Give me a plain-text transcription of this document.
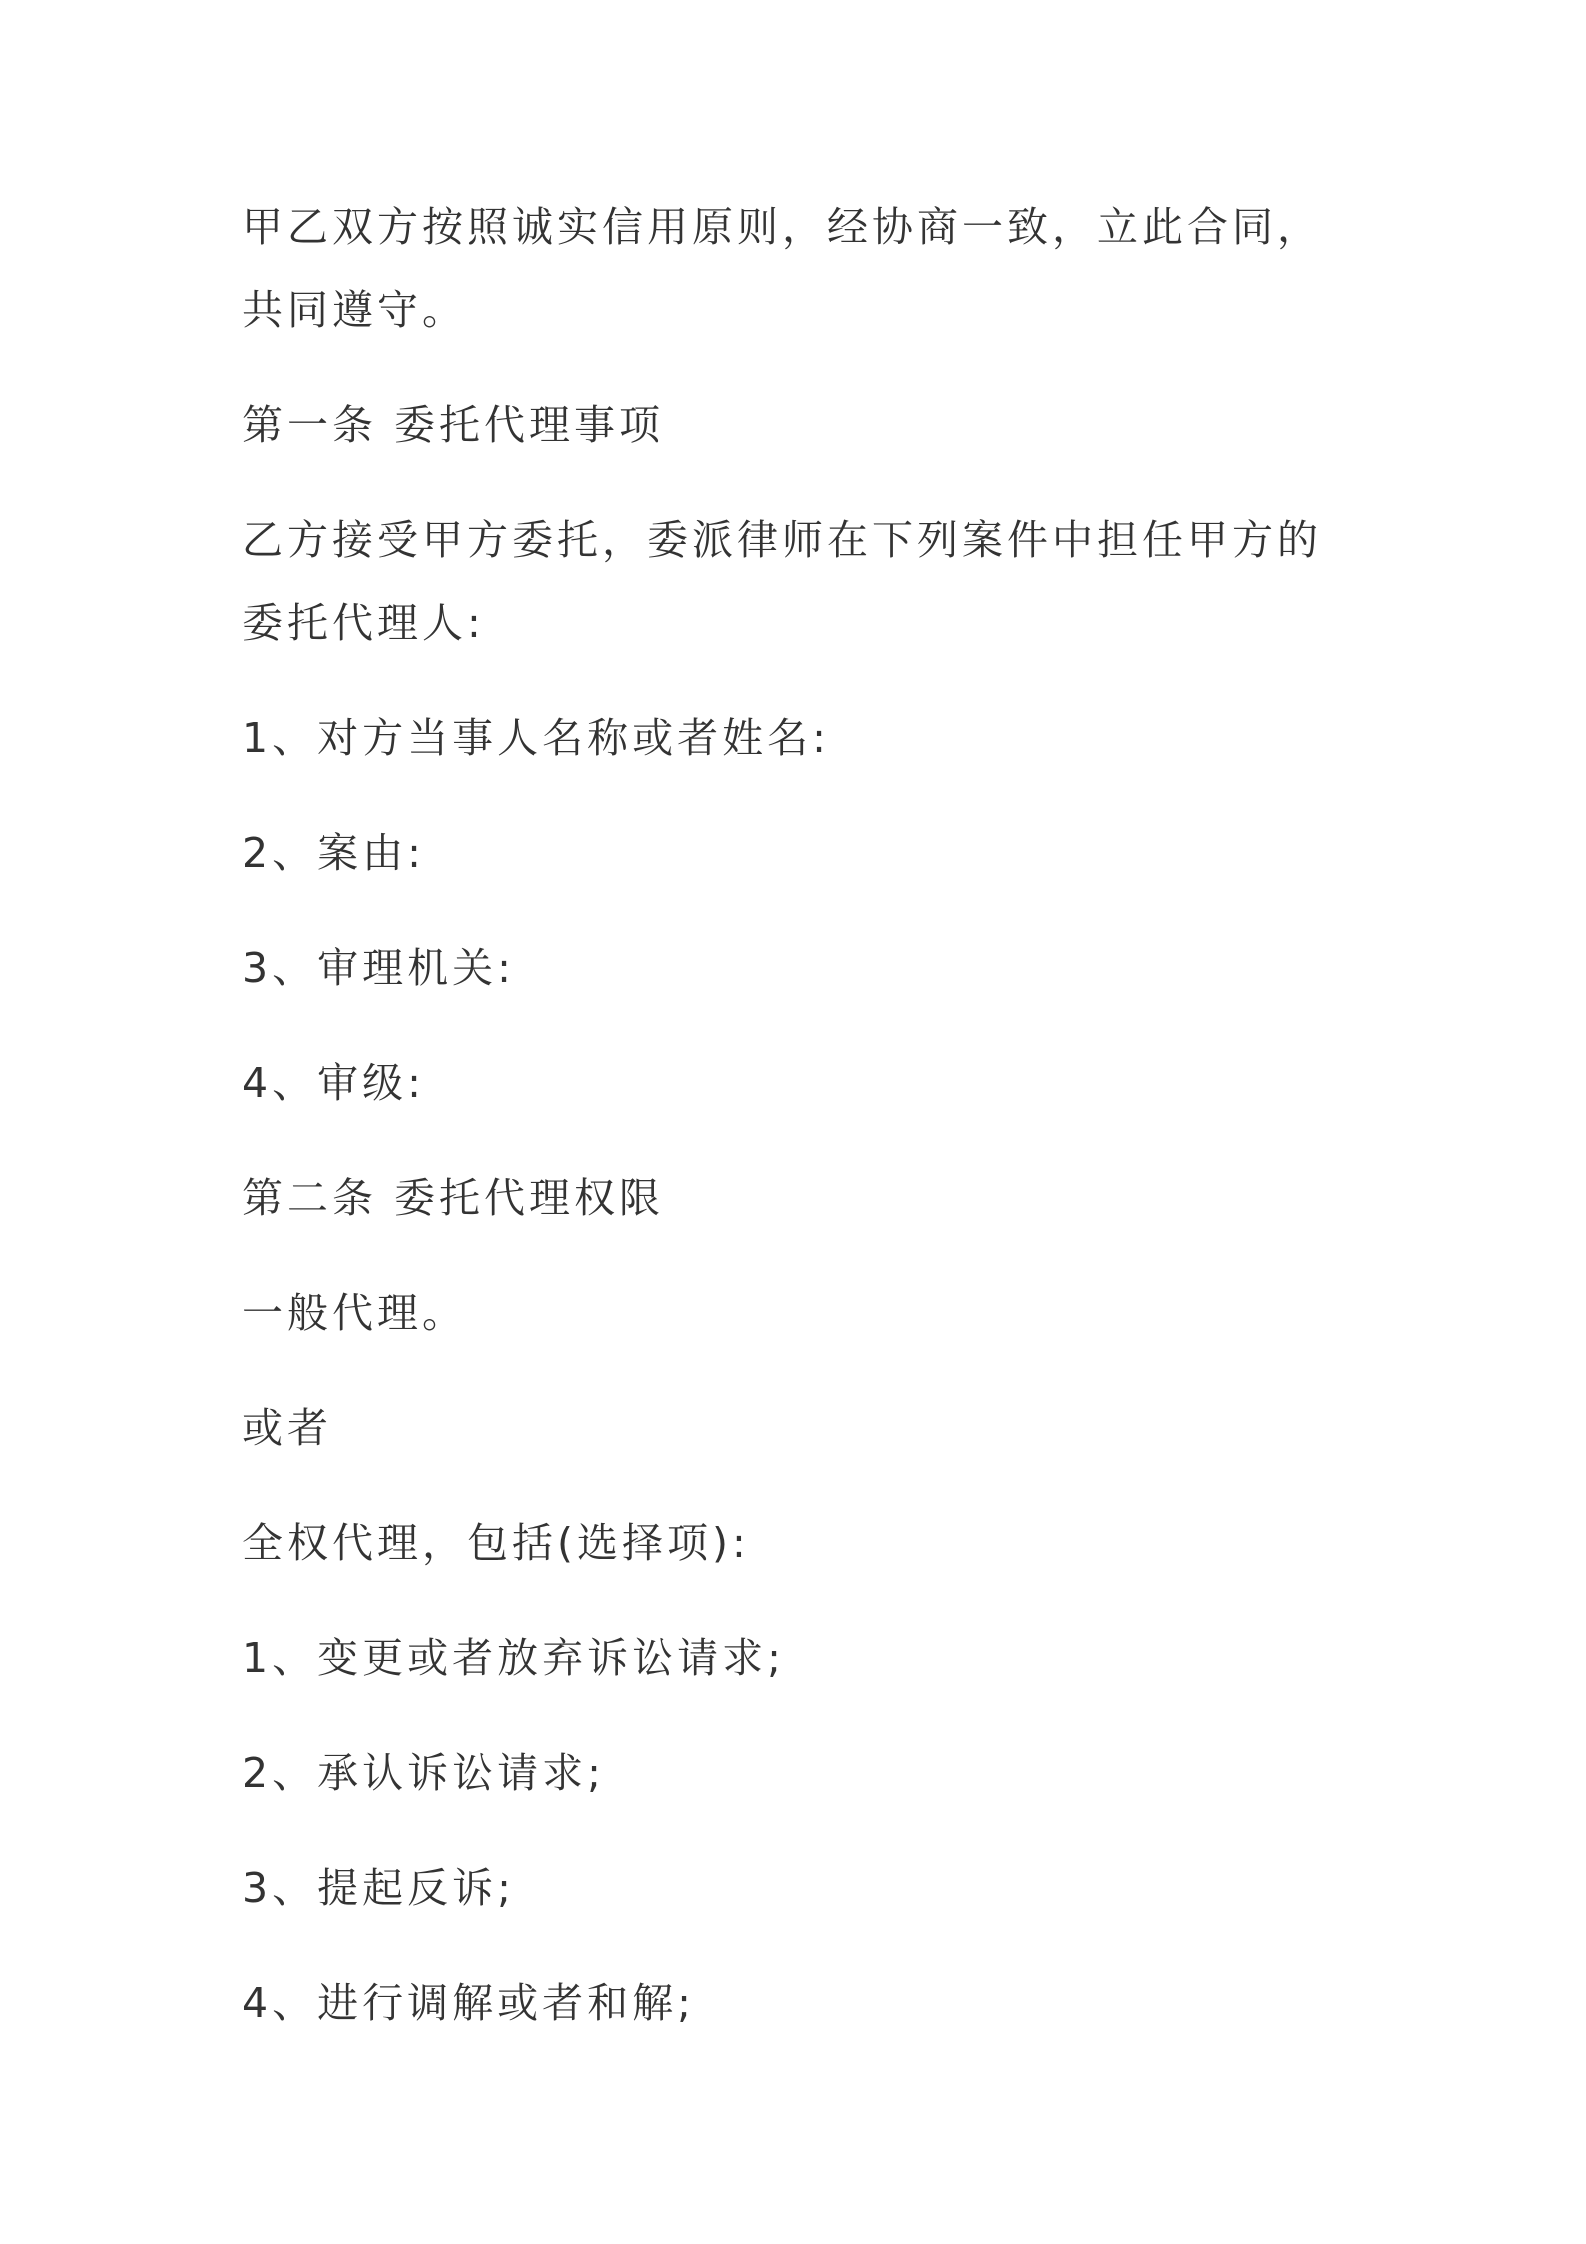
甲乙双方按照诚实信用原则，经协商一致，立此合同，共同遵守。

第一条 委托代理事项

乙方接受甲方委托，委派律师在下列案件中担任甲方的委托代理人:

1、对方当事人名称或者姓名:

2、案由:

3、审理机关:

4、审级:

第二条 委托代理权限

一般代理。

或者

全权代理，包括(选择项):

1、变更或者放弃诉讼请求;

2、承认诉讼请求;

3、提起反诉;

4、进行调解或者和解;
